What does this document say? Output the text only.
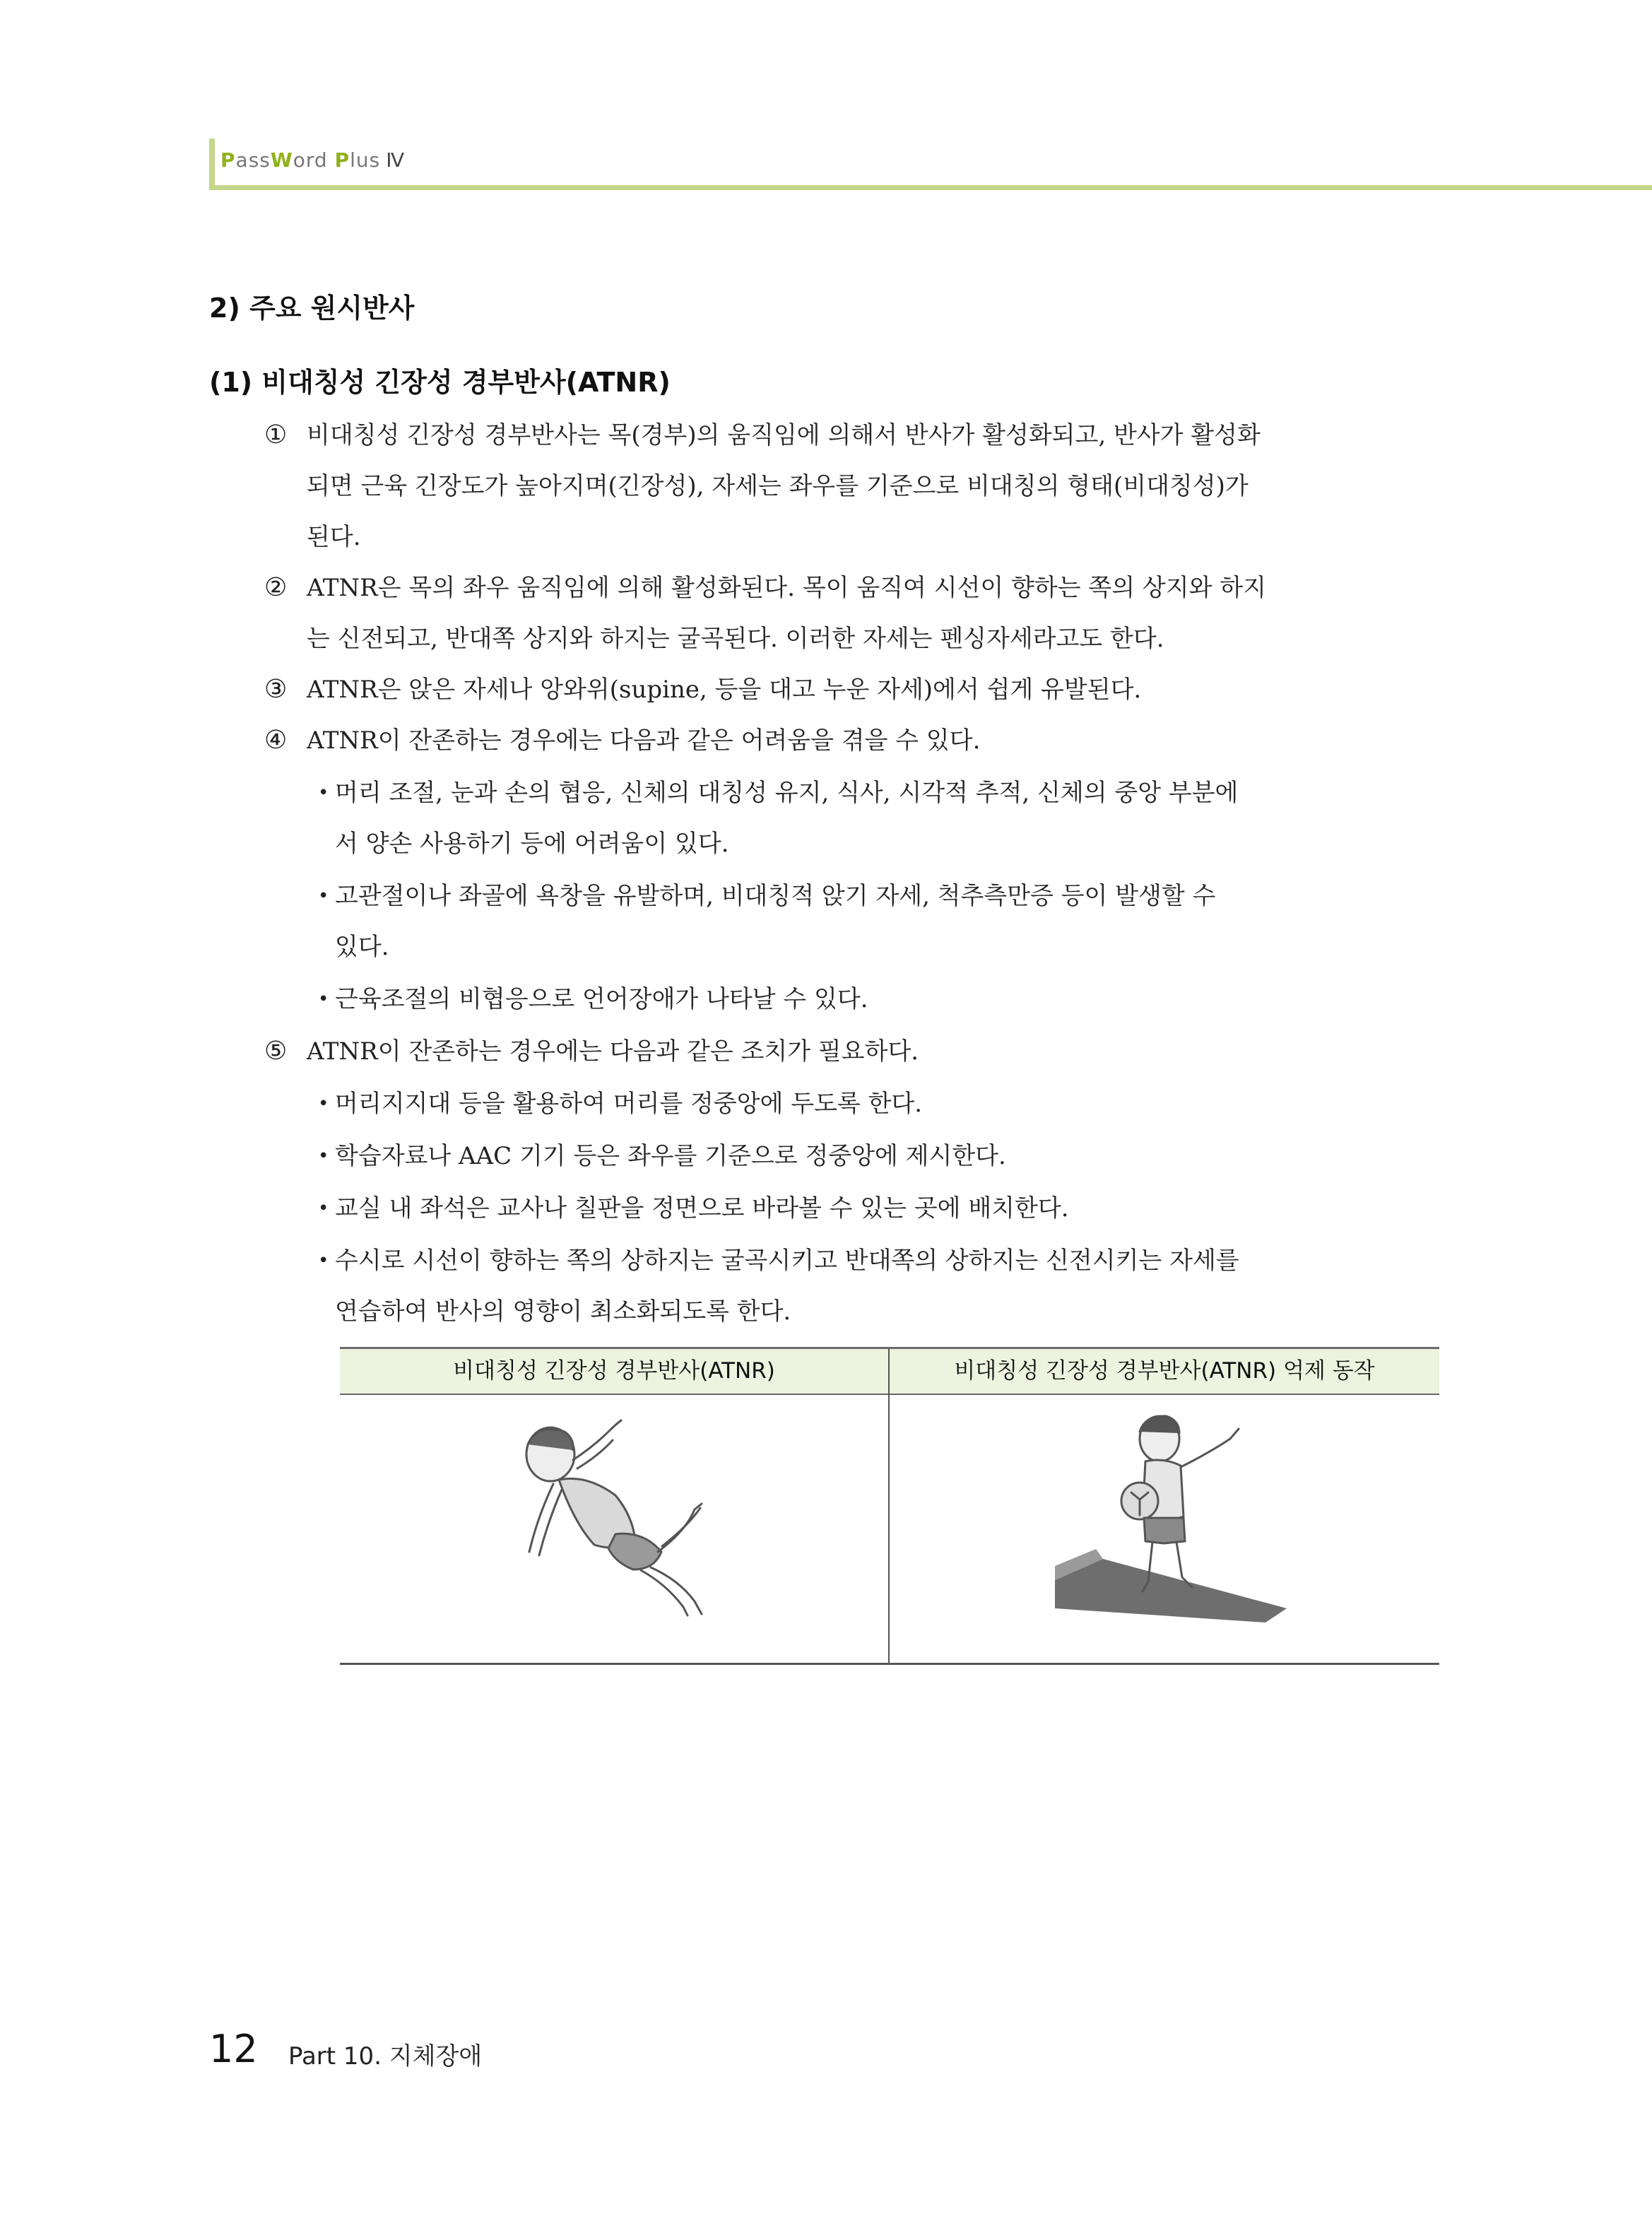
PassWord Plus Ⅳ
2) 주요 원시반사
(1) 비대칭성 긴장성 경부반사(ATNR)
① 비대칭성 긴장성 경부반사는 목(경부)의 움직임에 의해서 반사가 활성화되고, 반사가 활성화

되면 근육 긴장도가 높아지며(긴장성), 자세는 좌우를 기준으로 비대칭의 형태(비대칭성)가

된다.

② ATNR은 목의 좌우 움직임에 의해 활성화된다. 목이 움직여 시선이 향하는 쪽의 상지와 하지

는 신전되고, 반대쪽 상지와 하지는 굴곡된다. 이러한 자세는 펜싱자세라고도 한다.

③ ATNR은 앉은 자세나 앙와위(supine, 등을 대고 누운 자세)에서 쉽게 유발된다.

④ ATNR이 잔존하는 경우에는 다음과 같은 어려움을 겪을 수 있다.

• 머리 조절, 눈과 손의 협응, 신체의 대칭성 유지, 식사, 시각적 추적, 신체의 중앙 부분에

서 양손 사용하기 등에 어려움이 있다.

• 고관절이나 좌골에 욕창을 유발하며, 비대칭적 앉기 자세, 척추측만증 등이 발생할 수

있다.

• 근육조절의 비협응으로 언어장애가 나타날 수 있다.

⑤ ATNR이 잔존하는 경우에는 다음과 같은 조치가 필요하다.

• 머리지지대 등을 활용하여 머리를 정중앙에 두도록 한다.

• 학습자료나 AAC 기기 등은 좌우를 기준으로 정중앙에 제시한다.

• 교실 내 좌석은 교사나 칠판을 정면으로 바라볼 수 있는 곳에 배치한다.

• 수시로 시선이 향하는 쪽의 상하지는 굴곡시키고 반대쪽의 상하지는 신전시키는 자세를

연습하여 반사의 영향이 최소화되도록 한다.

비대칭성 긴장성 경부반사(ATNR)	비대칭성 긴장성 경부반사(ATNR) 억제 동작
12 Part 10. 지체장애
